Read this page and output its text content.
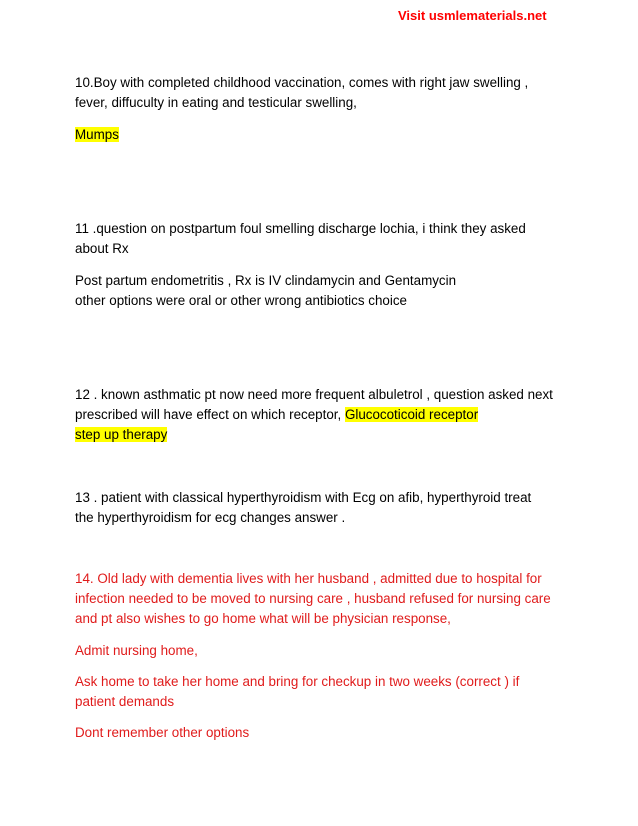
Visit usmlematerials.net
10.Boy with completed childhood vaccination, comes with right jaw swelling ,
fever, diffuculty in eating and testicular swelling,
Mumps
11 .question on postpartum foul smelling discharge lochia, i think they asked
about Rx
Post partum endometritis , Rx is IV clindamycin and Gentamycin
other options were oral or other wrong antibiotics choice
12 . known asthmatic pt now need more frequent albuletrol , question asked next
prescribed will have effect on which receptor, Glucocoticoid receptor
step up therapy
13 . patient with classical hyperthyroidism with Ecg on afib, hyperthyroid treat
the hyperthyroidism for ecg changes answer .
14. Old lady with dementia lives with her husband , admitted due to hospital for
infection needed to be moved to nursing care , husband refused for nursing care
and pt also wishes to go home what will be physician response,
Admit nursing home,
Ask home to take her home and bring for checkup in two weeks (correct ) if
patient demands
Dont remember other options
